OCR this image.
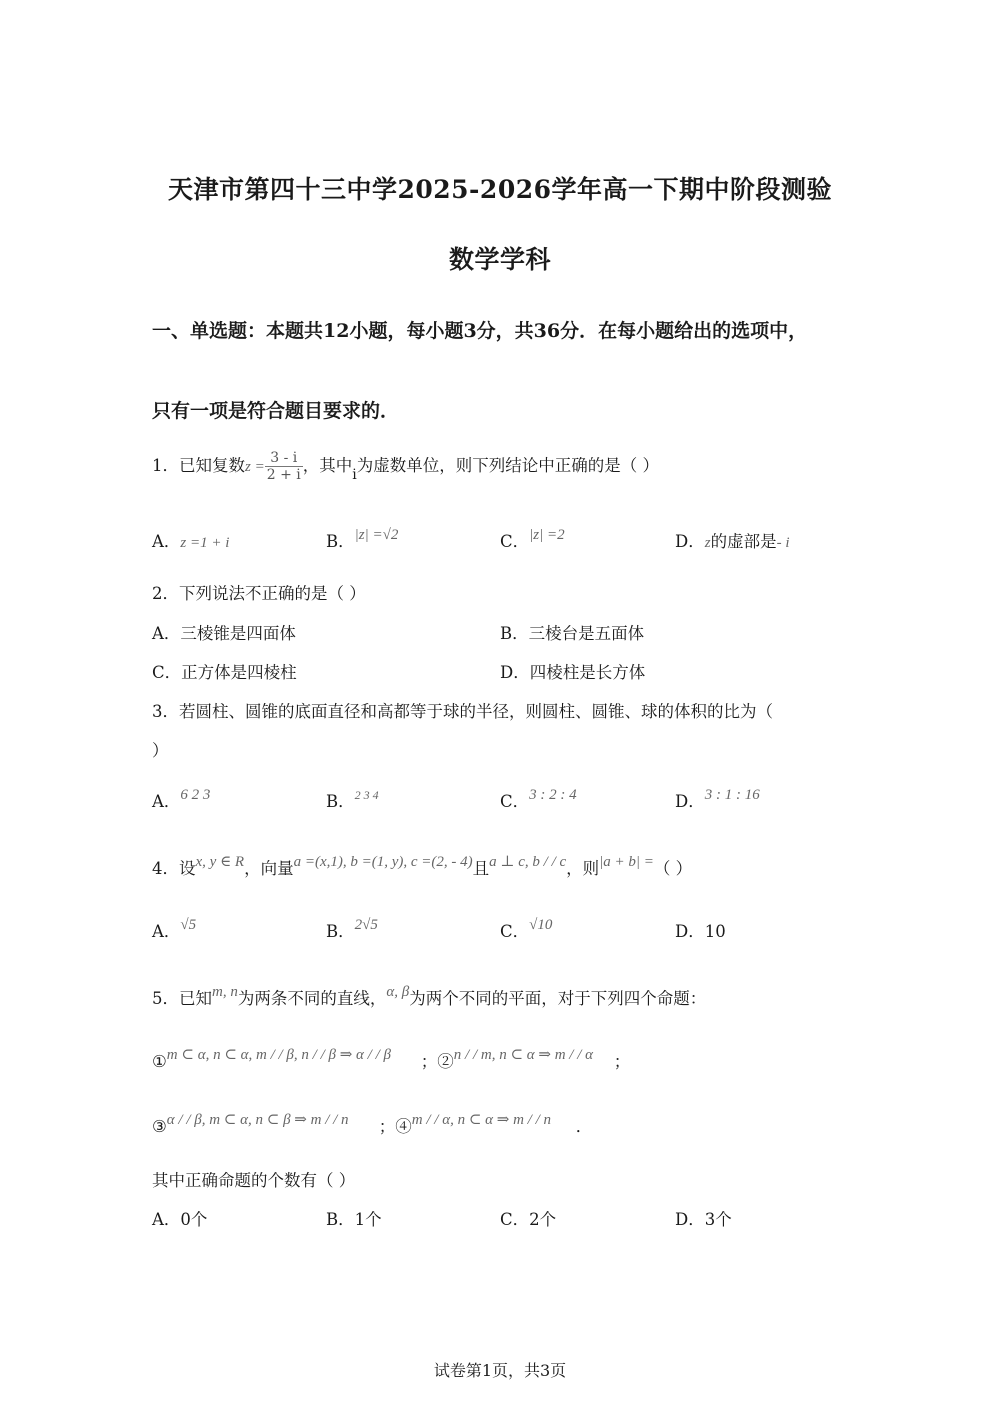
天津市第四十三中学2025-2026学年高一下期中阶段测验
数学学科
一、单选题：本题共12小题，每小题3分，共36分．在每小题给出的选项中，
只有一项是符合题目要求的．
1．已知复数$z = \frac{3 - i}{2 + i}$ ，其中$_i$为虚数单位，则下列结论中正确的是（ ）
A．z =1 + i	B．|z| =√2	C．|z| =2	D．z的虚部是- i
2．下列说法不正确的是（ ）
A．三棱锥是四面体	B．三棱台是五面体
C．正方体是四棱柱	D．四棱柱是长方体
3．若圆柱、圆锥的底面直径和高都等于球的半径，则圆柱、圆锥、球的体积的比为（
）
A．6 2 3	B．2 3 4	C．3 : 2 : 4	D．3 : 1 : 16
4．设x, y ∈ R，向量a =(x,1), b =(1, y), c =(2, - 4)且a ⊥ c, b / / c，则|a + b| =（ ）
A．√5	B．2√5	C．√10	D．10
5．已知m, n为两条不同的直线，α, β为两个不同的平面，对于下列四个命题：
①m ⊂ α, n ⊂ α, m / / β, n / / β ⇒ α / / β ；②n / / m, n ⊂ α ⇒ m / / α ；
③α / / β, m ⊂ α, n ⊂ β ⇒ m / / n ；④m / / α, n ⊂ α ⇒ m / / n ．
其中正确命题的个数有（ ）
A．0个	B．1个	C．2个	D．3个
试卷第1页，共3页
